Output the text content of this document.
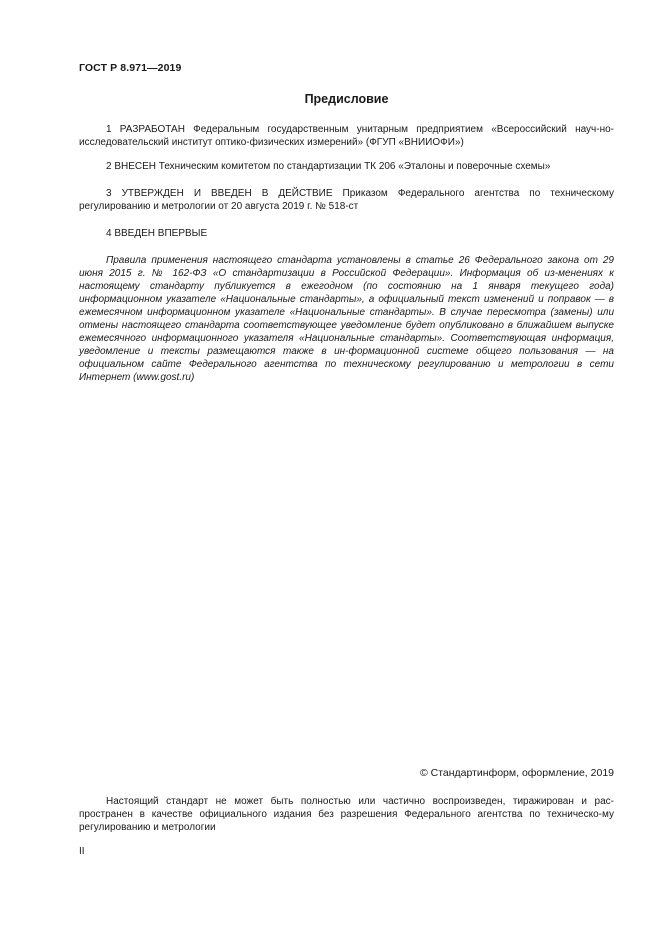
ГОСТ Р 8.971—2019
Предисловие
1 РАЗРАБОТАН Федеральным государственным унитарным предприятием «Всероссийский науч-но-исследовательский институт оптико-физических измерений» (ФГУП «ВНИИОФИ»)
2 ВНЕСЕН Техническим комитетом по стандартизации ТК 206 «Эталоны и поверочные схемы»
3 УТВЕРЖДЕН И ВВЕДЕН В ДЕЙСТВИЕ Приказом Федерального агентства по техническому регулированию и метрологии от 20 августа 2019 г. № 518-ст
4 ВВЕДЕН ВПЕРВЫЕ
Правила применения настоящего стандарта установлены в статье 26 Федерального закона от 29 июня 2015 г. № 162-ФЗ «О стандартизации в Российской Федерации». Информация об из-менениях к настоящему стандарту публикуется в ежегодном (по состоянию на 1 января текущего года) информационном указателе «Национальные стандарты», а официальный текст изменений и поправок — в ежемесячном информационном указателе «Национальные стандарты». В случае пересмотра (замены) или отмены настоящего стандарта соответствующее уведомление будет опубликовано в ближайшем выпуске ежемесячного информационного указателя «Национальные стандарты». Соответствующая информация, уведомление и тексты размещаются также в ин-формационной системе общего пользования — на официальном сайте Федерального агентства по техническому регулированию и метрологии в сети Интернет (www.gost.ru)
© Стандартинформ, оформление, 2019
Настоящий стандарт не может быть полностью или частично воспроизведен, тиражирован и рас-пространен в качестве официального издания без разрешения Федерального агентства по техническо-му регулированию и метрологии
II
